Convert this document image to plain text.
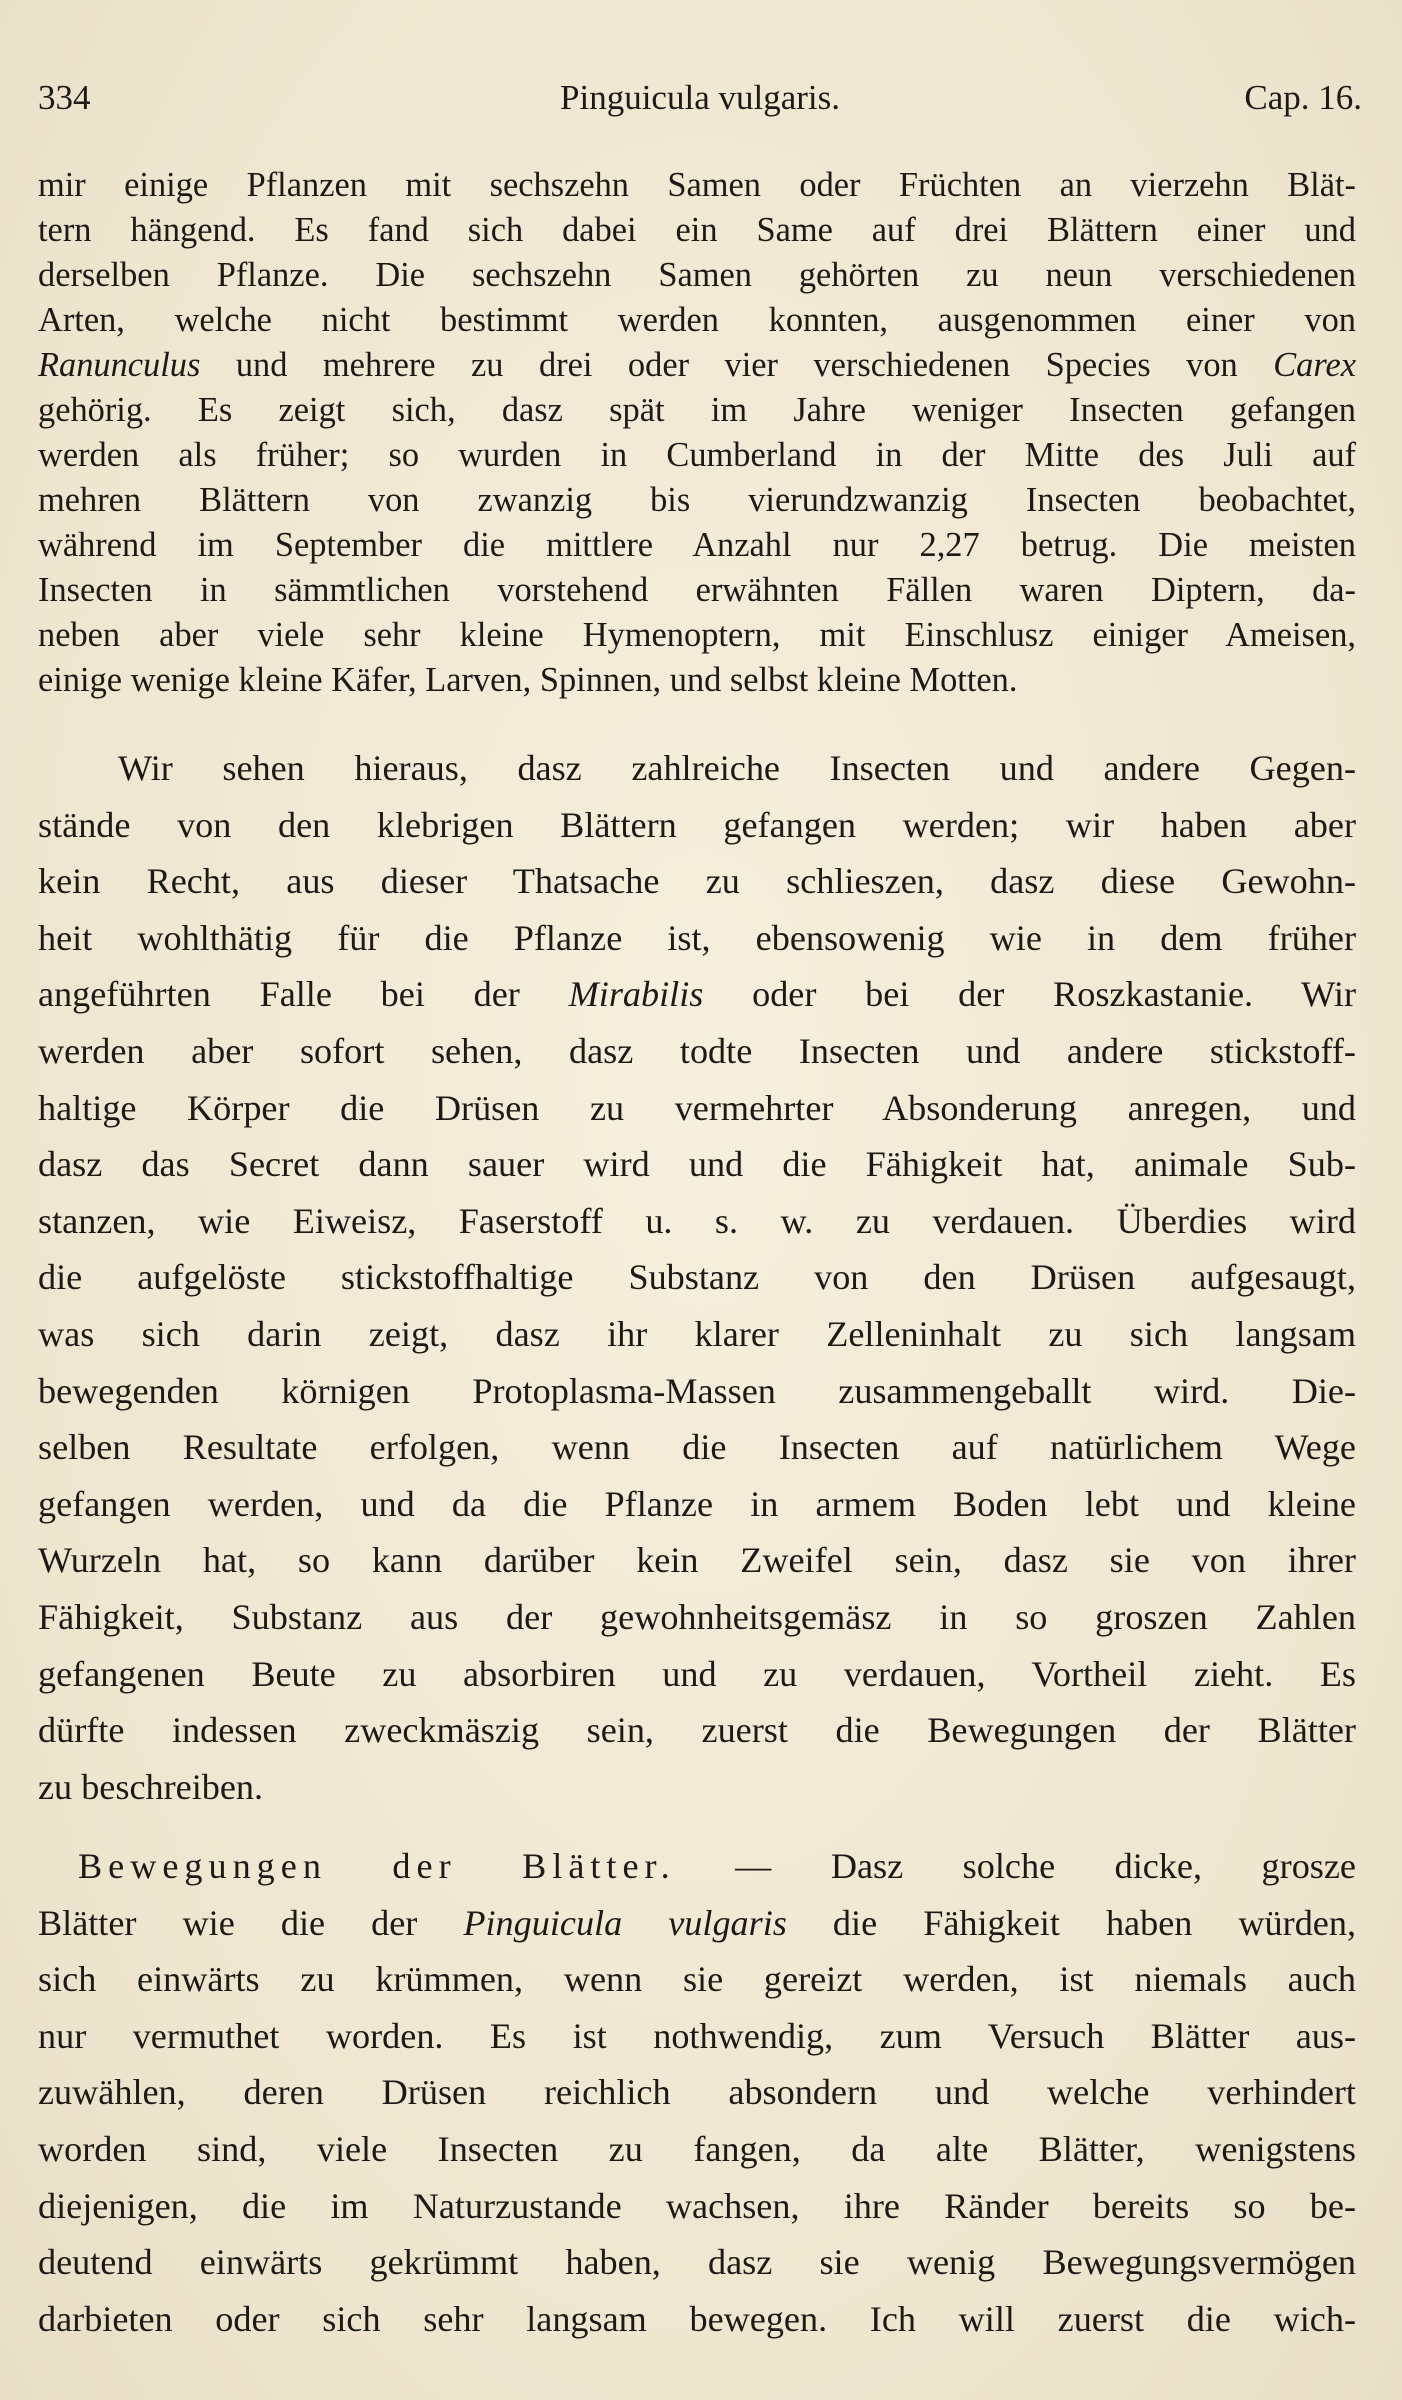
334	Pinguicula vulgaris.	Cap. 16.
mir einige Pflanzen mit sechszehn Samen oder Früchten an vierzehn Blät-
tern hängend. Es fand sich dabei ein Same auf drei Blättern einer und
derselben Pflanze. Die sechszehn Samen gehörten zu neun verschiedenen
Arten, welche nicht bestimmt werden konnten, ausgenommen einer von
Ranunculus und mehrere zu drei oder vier verschiedenen Species von Carex
gehörig. Es zeigt sich, dasz spät im Jahre weniger Insecten gefangen
werden als früher; so wurden in Cumberland in der Mitte des Juli auf
mehren Blättern von zwanzig bis vierundzwanzig Insecten beobachtet,
während im September die mittlere Anzahl nur 2,27 betrug. Die meisten
Insecten in sämmtlichen vorstehend erwähnten Fällen waren Diptern, da-
neben aber viele sehr kleine Hymenoptern, mit Einschlusz einiger Ameisen,
einige wenige kleine Käfer, Larven, Spinnen, und selbst kleine Motten.
Wir sehen hieraus, dasz zahlreiche Insecten und andere Gegen-
stände von den klebrigen Blättern gefangen werden; wir haben aber
kein Recht, aus dieser Thatsache zu schlieszen, dasz diese Gewohn-
heit wohlthätig für die Pflanze ist, ebensowenig wie in dem früher
angeführten Falle bei der Mirabilis oder bei der Roszkastanie. Wir
werden aber sofort sehen, dasz todte Insecten und andere stickstoff-
haltige Körper die Drüsen zu vermehrter Absonderung anregen, und
dasz das Secret dann sauer wird und die Fähigkeit hat, animale Sub-
stanzen, wie Eiweisz, Faserstoff u. s. w. zu verdauen. Überdies wird
die aufgelöste stickstoffhaltige Substanz von den Drüsen aufgesaugt,
was sich darin zeigt, dasz ihr klarer Zelleninhalt zu sich langsam
bewegenden körnigen Protoplasma-Massen zusammengeballt wird. Die-
selben Resultate erfolgen, wenn die Insecten auf natürlichem Wege
gefangen werden, und da die Pflanze in armem Boden lebt und kleine
Wurzeln hat, so kann darüber kein Zweifel sein, dasz sie von ihrer
Fähigkeit, Substanz aus der gewohnheitsgemäsz in so groszen Zahlen
gefangenen Beute zu absorbiren und zu verdauen, Vortheil zieht. Es
dürfte indessen zweckmäszig sein, zuerst die Bewegungen der Blätter
zu beschreiben.
Bewegungen der Blätter. — Dasz solche dicke, grosze
Blätter wie die der Pinguicula vulgaris die Fähigkeit haben würden,
sich einwärts zu krümmen, wenn sie gereizt werden, ist niemals auch
nur vermuthet worden. Es ist nothwendig, zum Versuch Blätter aus-
zuwählen, deren Drüsen reichlich absondern und welche verhindert
worden sind, viele Insecten zu fangen, da alte Blätter, wenigstens
diejenigen, die im Naturzustande wachsen, ihre Ränder bereits so be-
deutend einwärts gekrümmt haben, dasz sie wenig Bewegungsvermögen
darbieten oder sich sehr langsam bewegen. Ich will zuerst die wich-
